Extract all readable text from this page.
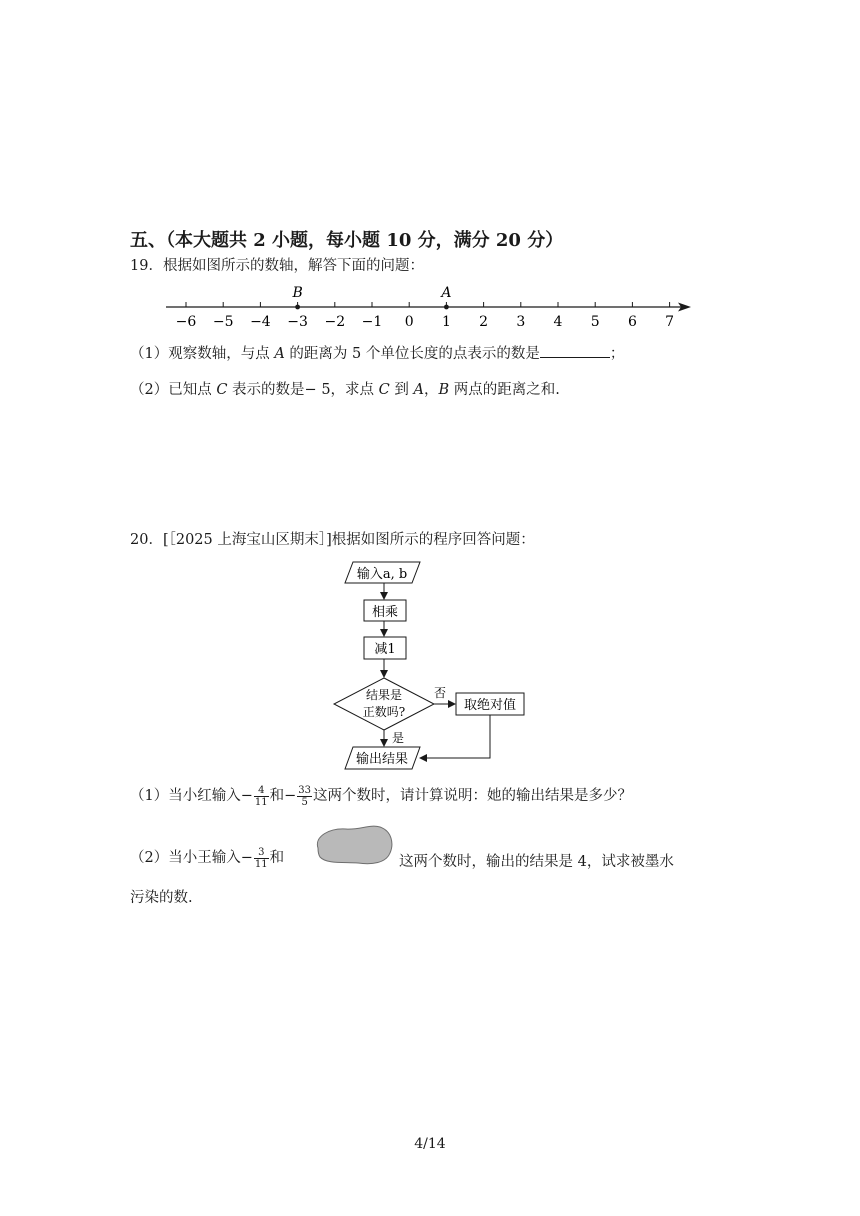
五、（本大题共 2 小题，每小题 10 分，满分 20 分）
19．根据如图所示的数轴，解答下面的问题：
−6 −5 −4 −3 −2 −1 0 1 2 3 4 5 6 7
B	A
（1）观察数轴，与点 A 的距离为 5 个单位长度的点表示的数是	；
（2）已知点 C 表示的数是− 5，求点 C 到 A，B 两点的距离之和.
20．[［2025 上海宝山区期末］]根据如图所示的程序回答问题：
输入a, b
相乘
减1
结果是
正数吗?
否
取绝对值
是
输出结果
（1）当小红输入− $\frac{4}{11}$ 和− $\frac{33}{5}$ 这两个数时，请计算说明：她的输出结果是多少？
（2）当小王输入− $\frac{3}{11}$ 和	这两个数时，输出的结果是 4，试求被墨水
污染的数.
4/14
